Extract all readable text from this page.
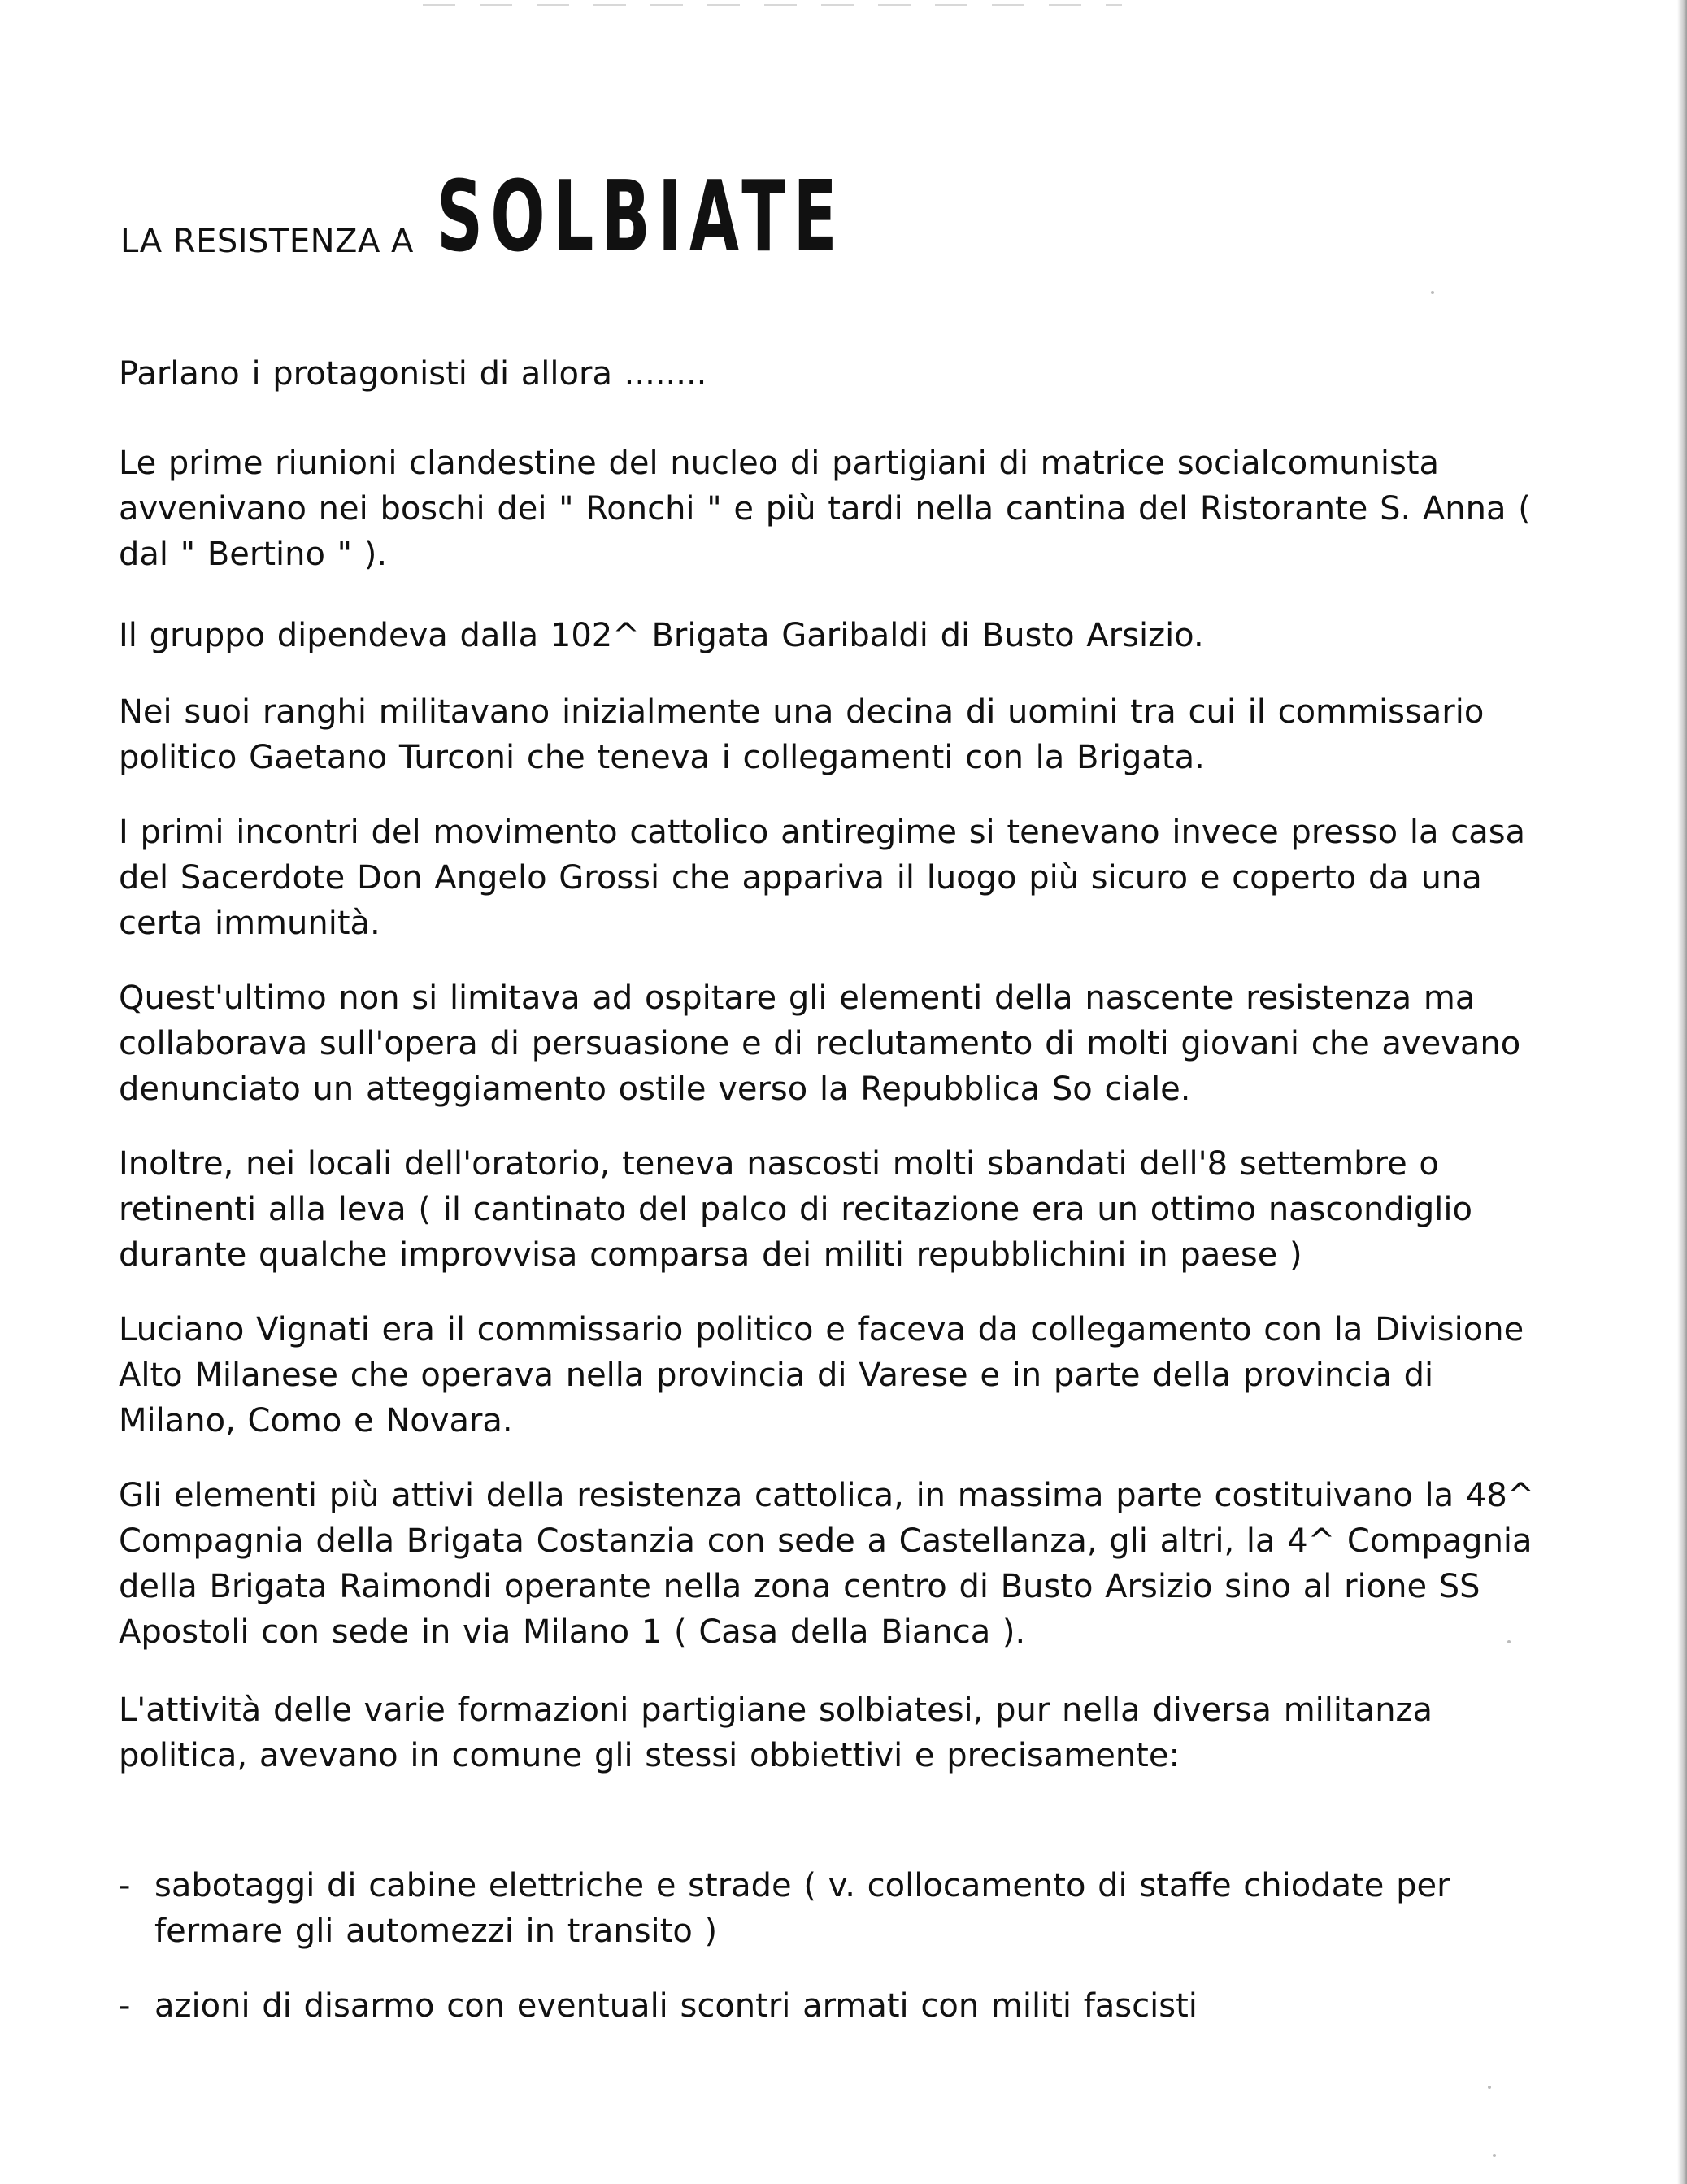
LA RESISTENZA A SOLBIATE
Parlano i protagonisti di allora ........
Le prime riunioni clandestine del nucleo di partigiani di matrice socialcomunista avvenivano nei boschi dei " Ronchi " e più tardi nella cantina del Ristorante S. Anna ( dal " Bertino " ).
Il gruppo dipendeva dalla 102^ Brigata Garibaldi di Busto Arsizio.
Nei suoi ranghi militavano inizialmente una decina di uomini tra cui il commissario politico Gaetano Turconi che teneva i collegamenti con la Brigata.
I primi incontri del movimento cattolico antiregime si tenevano invece presso la casa del Sacerdote Don Angelo Grossi che appariva il luogo più sicuro e coperto da una certa immunità.
Quest'ultimo non si limitava ad ospitare gli elementi della nascente resistenza ma collaborava sull'opera di persuasione e di reclutamento di molti giovani che avevano denunciato un atteggiamento ostile verso la Repubblica So ciale.
Inoltre, nei locali dell'oratorio, teneva nascosti molti sbandati dell'8 settembre o retinenti alla leva ( il cantinato del palco di recitazione era un ottimo nascondiglio durante qualche improvvisa comparsa dei militi repubblichini in paese )
Luciano Vignati era il commissario politico e faceva da collegamento con la Divisione Alto Milanese che operava nella provincia di Varese e in parte della provincia di Milano, Como e Novara.
Gli elementi più attivi della resistenza cattolica, in massima parte costituivano la 48^ Compagnia della Brigata Costanzia con sede a Castellanza, gli altri, la 4^ Compagnia della Brigata Raimondi operante nella zona centro di Busto Arsizio sino al rione SS Apostoli con sede in via Milano 1 ( Casa della Bianca ).
L'attività delle varie formazioni partigiane solbiatesi, pur nella diversa militanza politica, avevano in comune gli stessi obbiettivi e precisamente:
- sabotaggi di cabine elettriche e strade ( v. collocamento di staffe chiodate per fermare gli automezzi in transito )
- azioni di disarmo con eventuali scontri armati con militi fascisti
